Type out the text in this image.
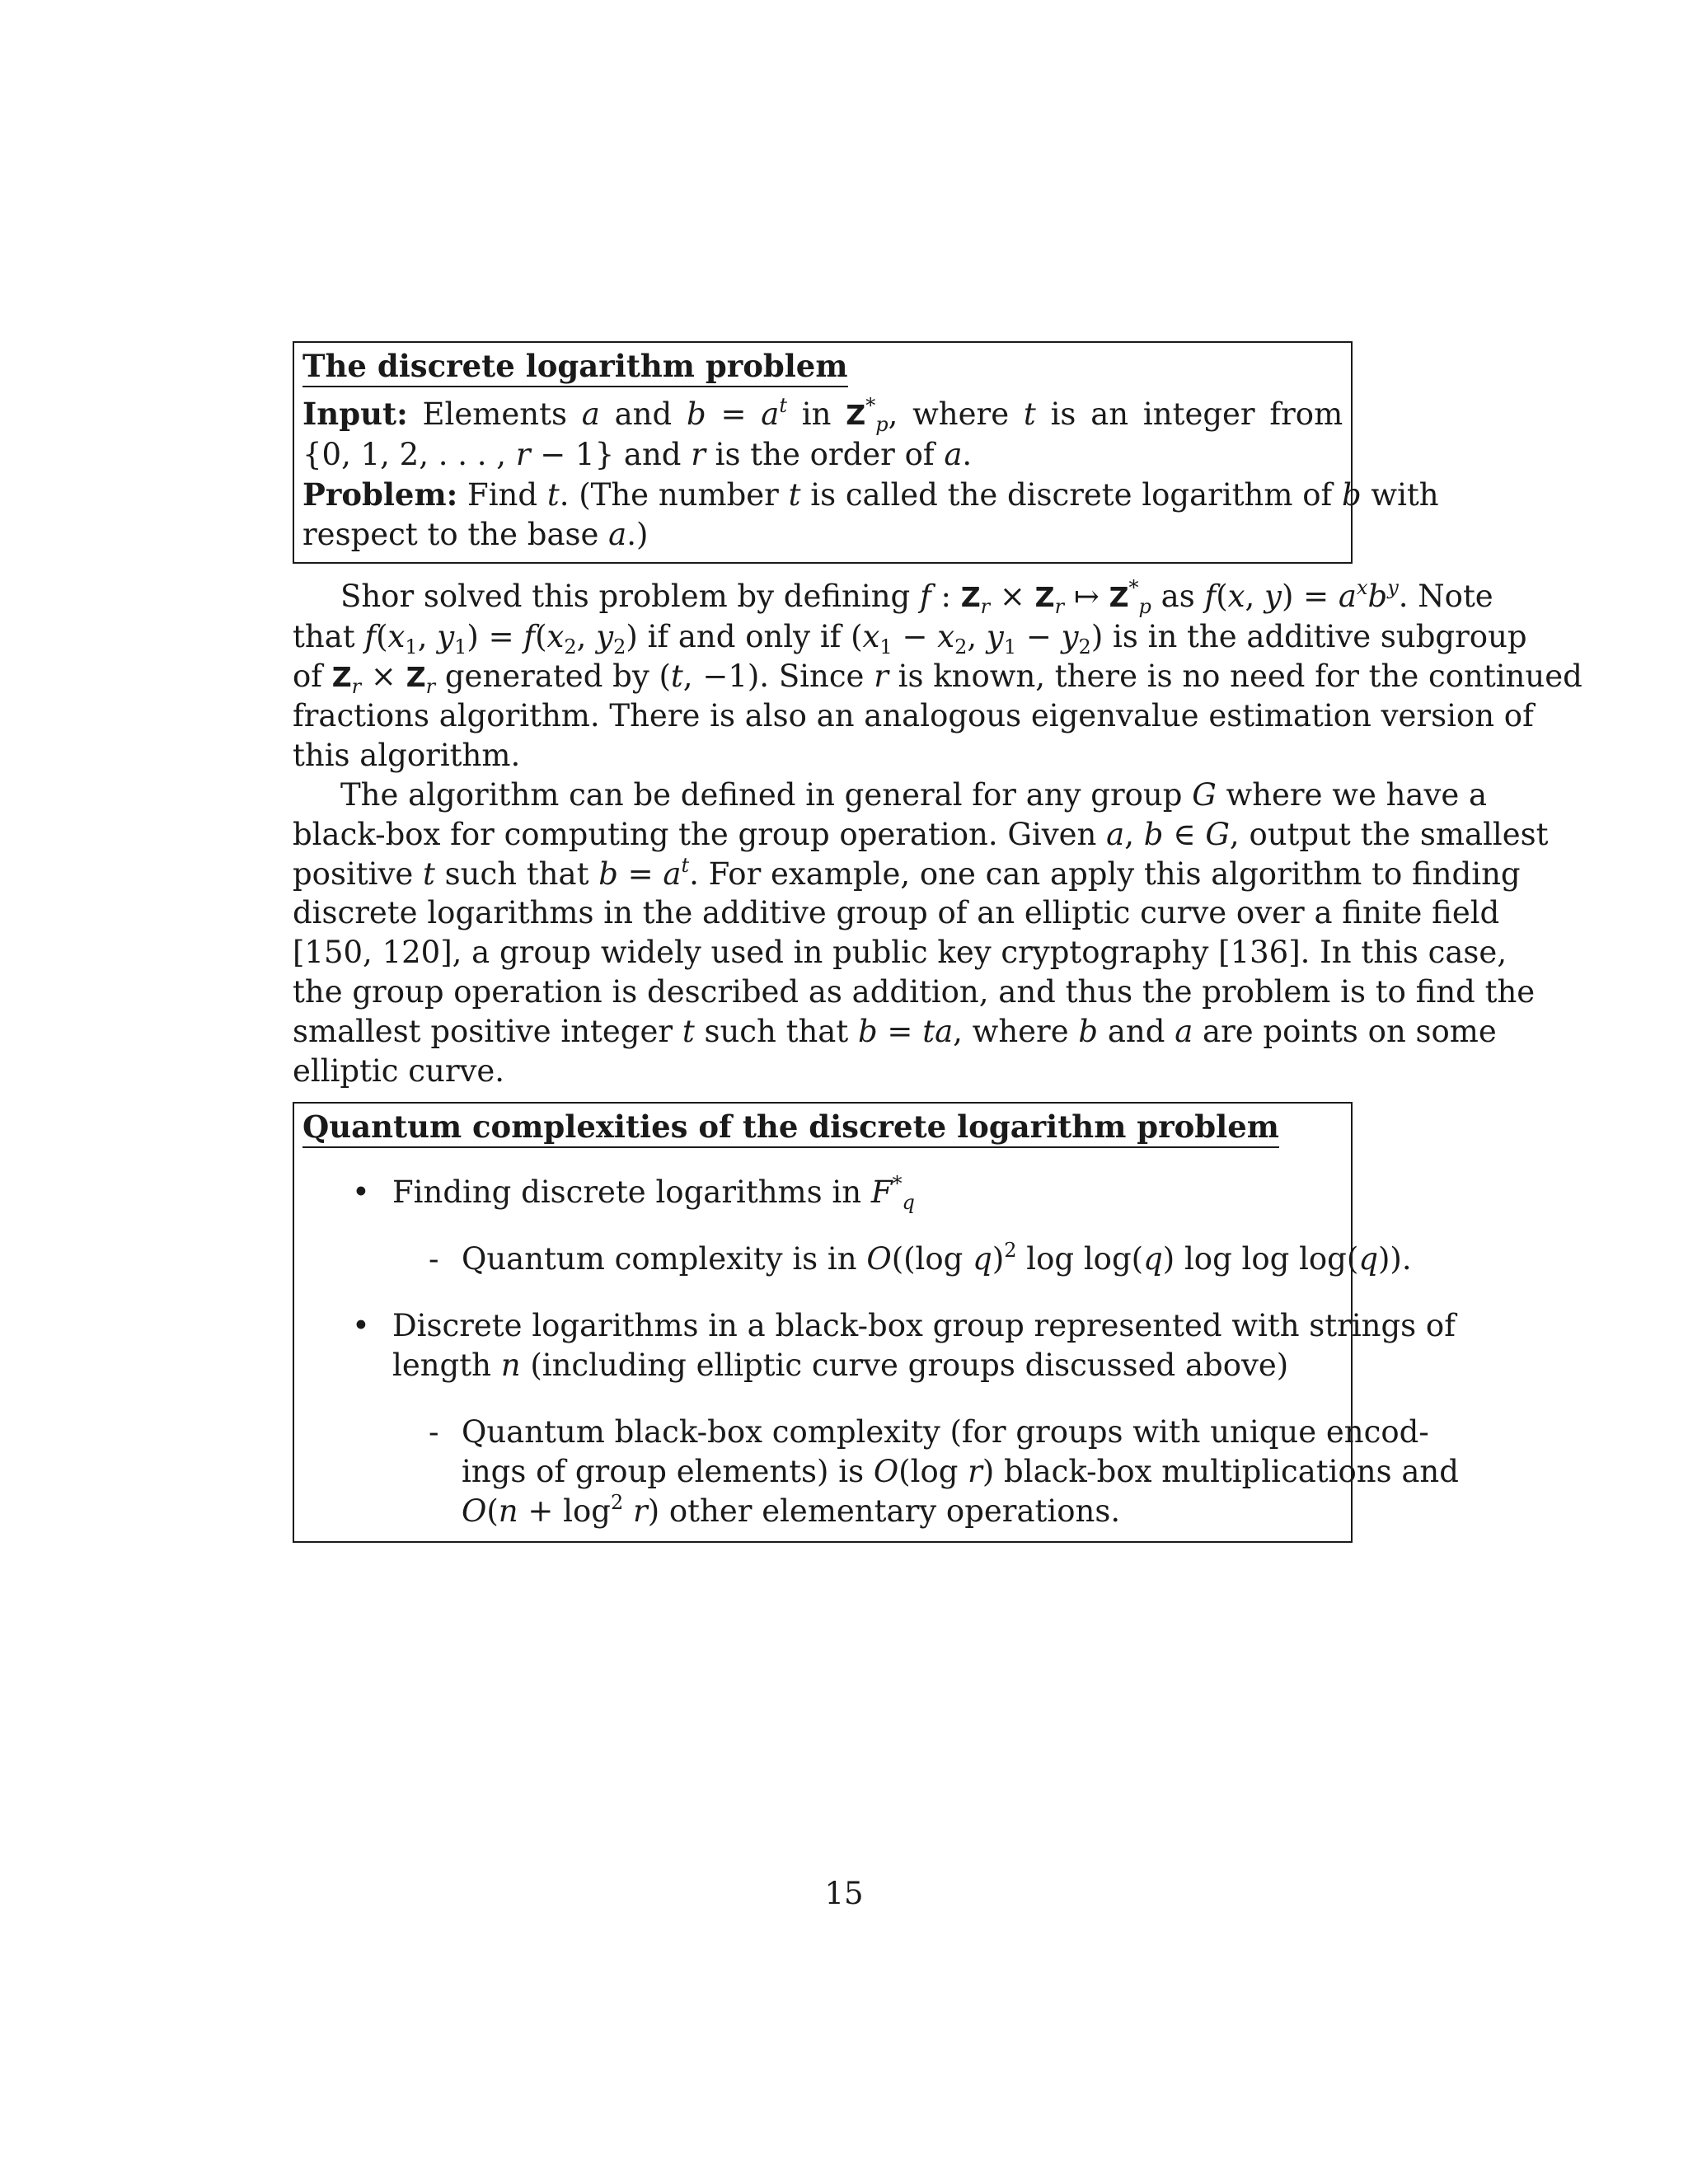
The discrete logarithm problem
Input: Elements a and $b = a^t$ in $Z^*_p$, where t is an integer from
{0, 1, 2, . . . , r − 1} and r is the order of a.
Problem: Find t. (The number t is called the discrete logarithm of b with
respect to the base a.)
Shor solved this problem by defining f : $Z_r \times Z_r$ ↦ $Z^*_p$ as f(x, $y) = a^xb^y$. Note
that $f(x_1$, $y_1) = f(x_2$, $y_2$) if and only if ($x_1 - x_2$, $y_1 - y_2$) is in the additive subgroup
of $Z_r \times Z_r$ generated by (t, −1). Since r is known, there is no need for the continued
fractions algorithm. There is also an analogous eigenvalue estimation version of
this algorithm.
The algorithm can be defined in general for any group G where we have a
black-box for computing the group operation. Given a, b ∈ G, output the smallest
positive t such that $b = a^t$. For example, one can apply this algorithm to finding
discrete logarithms in the additive group of an elliptic curve over a finite field
[150, 120], a group widely used in public key cryptography [136]. In this case,
the group operation is described as addition, and thus the problem is to find the
smallest positive integer t such that b = ta, where b and a are points on some
elliptic curve.
Quantum complexities of the discrete logarithm problem
• Finding discrete logarithms in $F^*_q$
- Quantum complexity is in O((log q)$^2$ log log(q) log log log(q)).
• Discrete logarithms in a black-box group represented with strings of
length n (including elliptic curve groups discussed above)
- Quantum black-box complexity (for groups with unique encod-
ings of group elements) is O(log r) black-box multiplications and
$O(n + \log^2 r)$ other elementary operations.
15
